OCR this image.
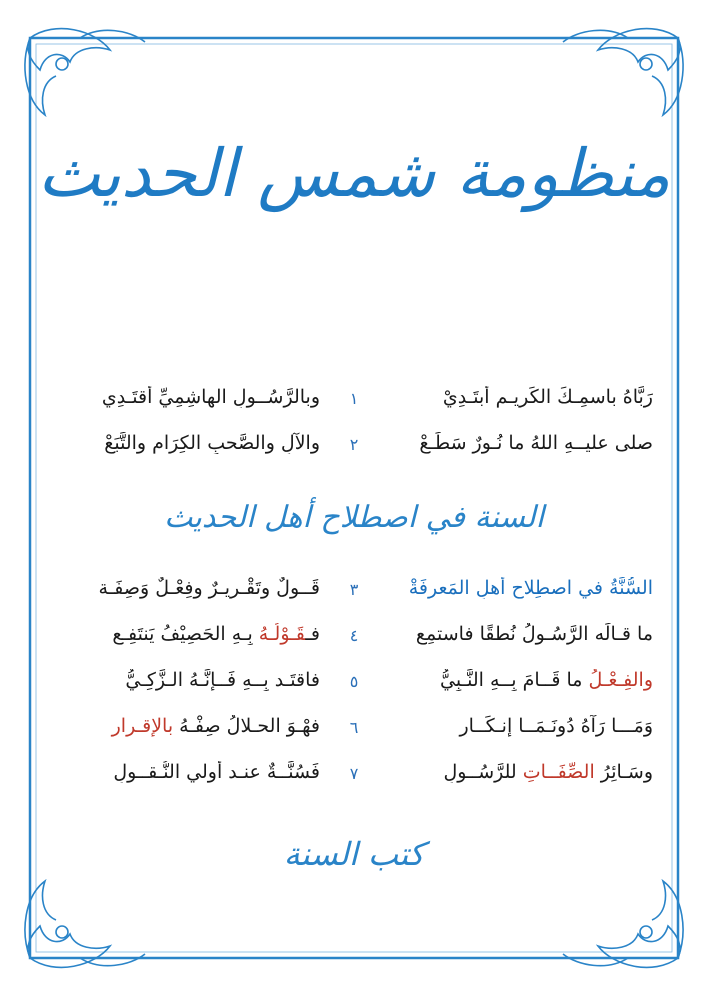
منظومة شمس الحديث
رَبَّاهُ باسمِـكَ الكَريـمِ أبتَـدِيْ
١
وبالرَّسُــولِ الهاشِمِيِّ أقتَـدِي
صلى عليــهِ اللهُ ما نُـورٌ سَطَـعْ
٢
والآلِ والصَّحبِ الكِرَامِ والتَّبَعْ
السنة في اصطلاح أهل الحديث
السُّنَّةُ في اصطِلاحِ أهلِ المَعرفَةْ
٣
قَــولٌ وتَقْـريـرٌ وفِعْـلٌ وَصِفَـة
ما قـالَه الرَّسُـولُ نُطقًا فاستمِع
٤
فـقَـوْلُـهُ بِـهِ الحَصِيْفُ يَنتَفِـع
والفِـعْـلُ ما قَــامَ بِــهِ النَّـبِيُّ
٥
فاقتَـد بِــهِ فَــإنَّـهُ الـزَّكِـيُّ
وَمَـــا رَآهُ دُونَـمَــا إنـكَــارِ
٦
فهْـوَ الحـلالُ صِفْـهُ بالإقـرارِ
وسَـائِرُ الصِّفَــاتِ للرَّسُــولِ
٧
فَسُنَّــةٌ عنـد أولي النُّـقــولِ
كتب السنة
